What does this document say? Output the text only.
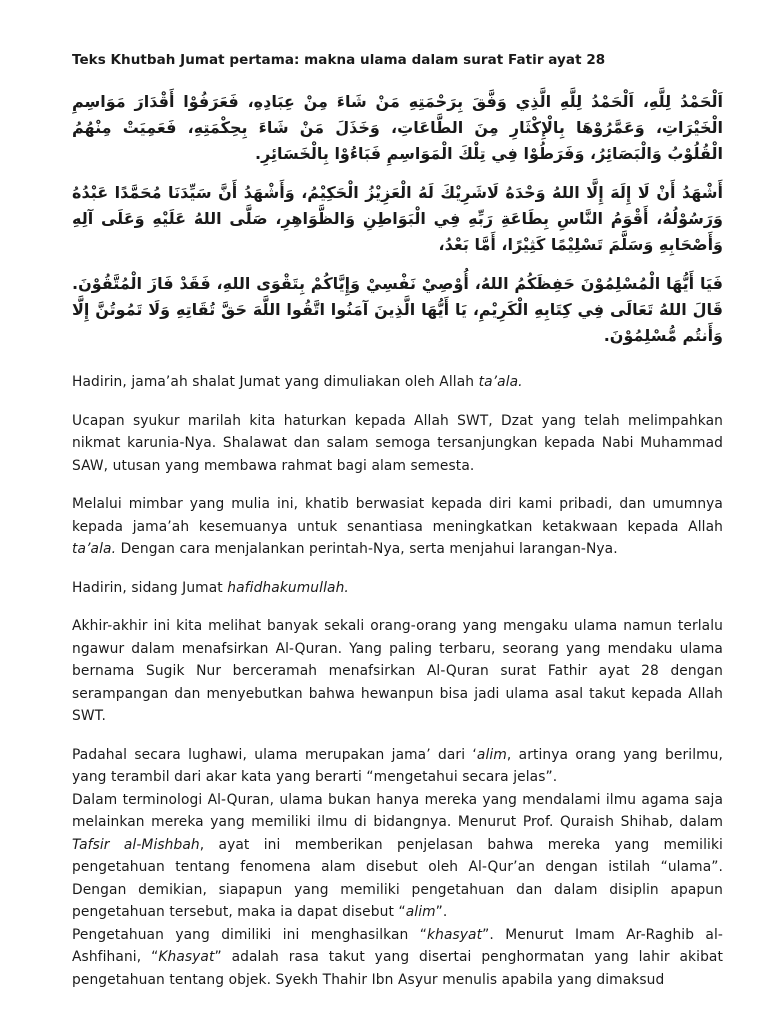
Teks Khutbah Jumat pertama: makna ulama dalam surat Fatir ayat 28
اَلْحَمْدُ لِلَّهِ، اَلْحَمْدُ لِلَّهِ الَّذِي وَفَّقَ بِرَحْمَتِهِ مَنْ شَاءَ مِنْ عِبَادِهِ، فَعَرَفُوْا أَقْدَارَ مَوَاسِمِ الْخَيْرَاتِ، وَعَمَّرُوْهَا بِالْإِكْثَارِ مِنَ الطَّاعَاتِ، وَخَذَلَ مَنْ شَاءَ بِحِكْمَتِهِ، فَعَمِيَتْ مِنْهُمُ الْقُلُوْبُ وَالْبَصَائِرُ، وَفَرَطُوْا فِي تِلْكَ الْمَوَاسِمِ فَبَاءُوْا بِالْخَسَائِرِ.
أَشْهَدُ أَنْ لَا إِلَهَ إِلَّا اللهُ وَحْدَهُ لَاشَرِيْكَ لَهُ الْعَزِيْزُ الْحَكِيْمُ، وَأَشْهَدُ أَنَّ سَيِّدَنَا مُحَمَّدًا عَبْدُهُ وَرَسُوْلُهُ، أَقْوَمُ النَّاسِ بِطَاعَةِ رَبِّهِ فِي الْبَوَاطِنِ وَالظَّوَاهِرِ، صَلَّى اللهُ عَلَيْهِ وَعَلَى آلِهِ وَأَصْحَابِهِ وَسَلَّمَ تَسْلِيْمًا كَثِيْرًا، أَمَّا بَعْدُ،
فَيَا أَيُّهَا الْمُسْلِمُوْنَ حَفِظَكُمُ اللهُ، أُوْصِيْ نَفْسِيْ وَإِيَّاكُمْ بِتَقْوَى اللهِ، فَقَدْ فَازَ الْمُتَّقُوْنَ. قَالَ اللهُ تَعَالَى فِي كِتَابِهِ الْكَرِيْمِ، يَا أَيُّهَا الَّذِينَ آمَنُوا اتَّقُوا اللَّهَ حَقَّ تُقَاتِهِ وَلَا تَمُوتُنَّ إِلَّا وَأَنتُم مُّسْلِمُوْنَ.

Hadirin, jama’ah shalat Jumat yang dimuliakan oleh Allah ta’ala.

Ucapan syukur marilah kita haturkan kepada Allah SWT, Dzat yang telah melimpahkan nikmat karunia-Nya. Shalawat dan salam semoga tersanjungkan kepada Nabi Muhammad SAW, utusan yang membawa rahmat bagi alam semesta.

Melalui mimbar yang mulia ini, khatib berwasiat kepada diri kami pribadi, dan umumnya kepada jama’ah kesemuanya untuk senantiasa meningkatkan ketakwaan kepada Allah ta’ala. Dengan cara menjalankan perintah-Nya, serta menjahui larangan-Nya.

Hadirin, sidang Jumat hafidhakumullah.

Akhir-akhir ini kita melihat banyak sekali orang-orang yang mengaku ulama namun terlalu ngawur dalam menafsirkan Al-Quran. Yang paling terbaru, seorang yang mendaku ulama bernama Sugik Nur berceramah menafsirkan Al-Quran surat Fathir ayat 28 dengan serampangan dan menyebutkan bahwa hewanpun bisa jadi ulama asal takut kepada Allah SWT.

Padahal secara lughawi, ulama merupakan jama’ dari ‘alim, artinya orang yang berilmu, yang terambil dari akar kata yang berarti “mengetahui secara jelas”.

Dalam terminologi Al-Quran, ulama bukan hanya mereka yang mendalami ilmu agama saja melainkan mereka yang memiliki ilmu di bidangnya. Menurut Prof. Quraish Shihab, dalam Tafsir al-Mishbah, ayat ini memberikan penjelasan bahwa mereka yang memiliki pengetahuan tentang fenomena alam disebut oleh Al-Qur’an dengan istilah “ulama”. Dengan demikian, siapapun yang memiliki pengetahuan dan dalam disiplin apapun pengetahuan tersebut, maka ia dapat disebut “alim”.

Pengetahuan yang dimiliki ini menghasilkan “khasyat”. Menurut Imam Ar-Raghib al-Ashfihani, “Khasyat” adalah rasa takut yang disertai penghormatan yang lahir akibat pengetahuan tentang objek. Syekh Thahir Ibn Asyur menulis apabila yang dimaksud
